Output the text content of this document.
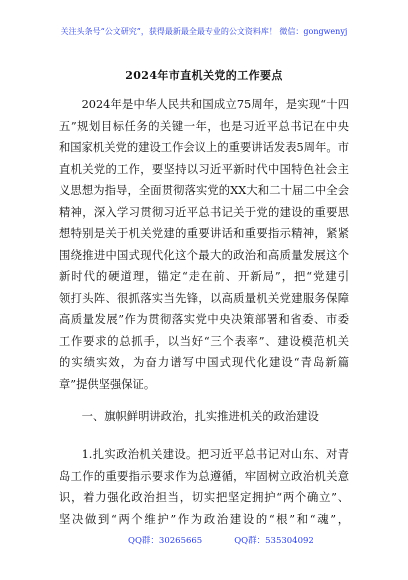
关注头条号“公文研究”，获得最新最全最专业的公文资料库！ 微信：gongwenyj
2024年市直机关党的工作要点
2024年是中华人民共和国成立75周年，是实现“十四
五”规划目标任务的关键一年，也是习近平总书记在中央
和国家机关党的建设工作会议上的重要讲话发表5周年。市
直机关党的工作，要坚持以习近平新时代中国特色社会主
义思想为指导，全面贯彻落实党的XX大和二十届二中全会
精神，深入学习贯彻习近平总书记关于党的建设的重要思
想特别是关于机关党建的重要讲话和重要指示精神，紧紧
围绕推进中国式现代化这个最大的政治和高质量发展这个
新时代的硬道理，锚定“走在前、开新局”，把“党建引
领打头阵、很抓落实当先锋，以高质量机关党建服务保障
高质量发展”作为贯彻落实党中央决策部署和省委、市委
工作要求的总抓手，以当好“三个表率”、建设模范机关
的实绩实效，为奋力谱写中国式现代化建设“青岛新篇
章”提供坚强保证。
一、旗帜鲜明讲政治，扎实推进机关的政治建设
1.扎实政治机关建设。把习近平总书记对山东、对青
岛工作的重要指示要求作为总遵循，牢固树立政治机关意
识，着力强化政治担当，切实把坚定拥护“两个确立”、
坚决做到“两个维护”作为政治建设的“根”和“魂”，
QQ群：30265665	QQ群：535304092
